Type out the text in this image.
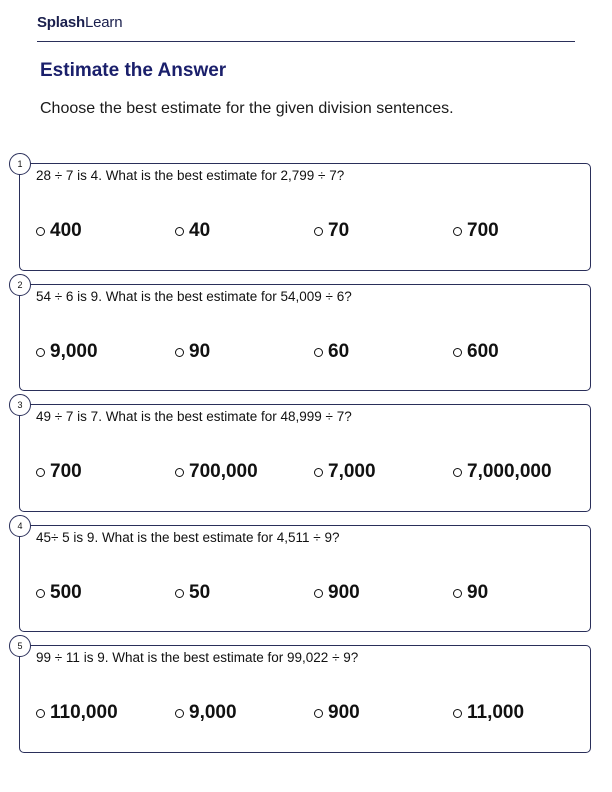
SplashLearn
Estimate the Answer
Choose the best estimate for the given division sentences.
1
28 ÷ 7 is 4. What is the best estimate for 2,799 ÷ 7?
400	40	70	700
2
54 ÷ 6 is 9. What is the best estimate for 54,009 ÷ 6?
9,000	90	60	600
3
49 ÷ 7 is 7. What is the best estimate for 48,999 ÷ 7?
700	700,000	7,000	7,000,000
4
45÷ 5 is 9. What is the best estimate for 4,511 ÷ 9?
500	50	900	90
5
99 ÷ 11 is 9. What is the best estimate for 99,022 ÷ 9?
110,000	9,000	900	11,000
